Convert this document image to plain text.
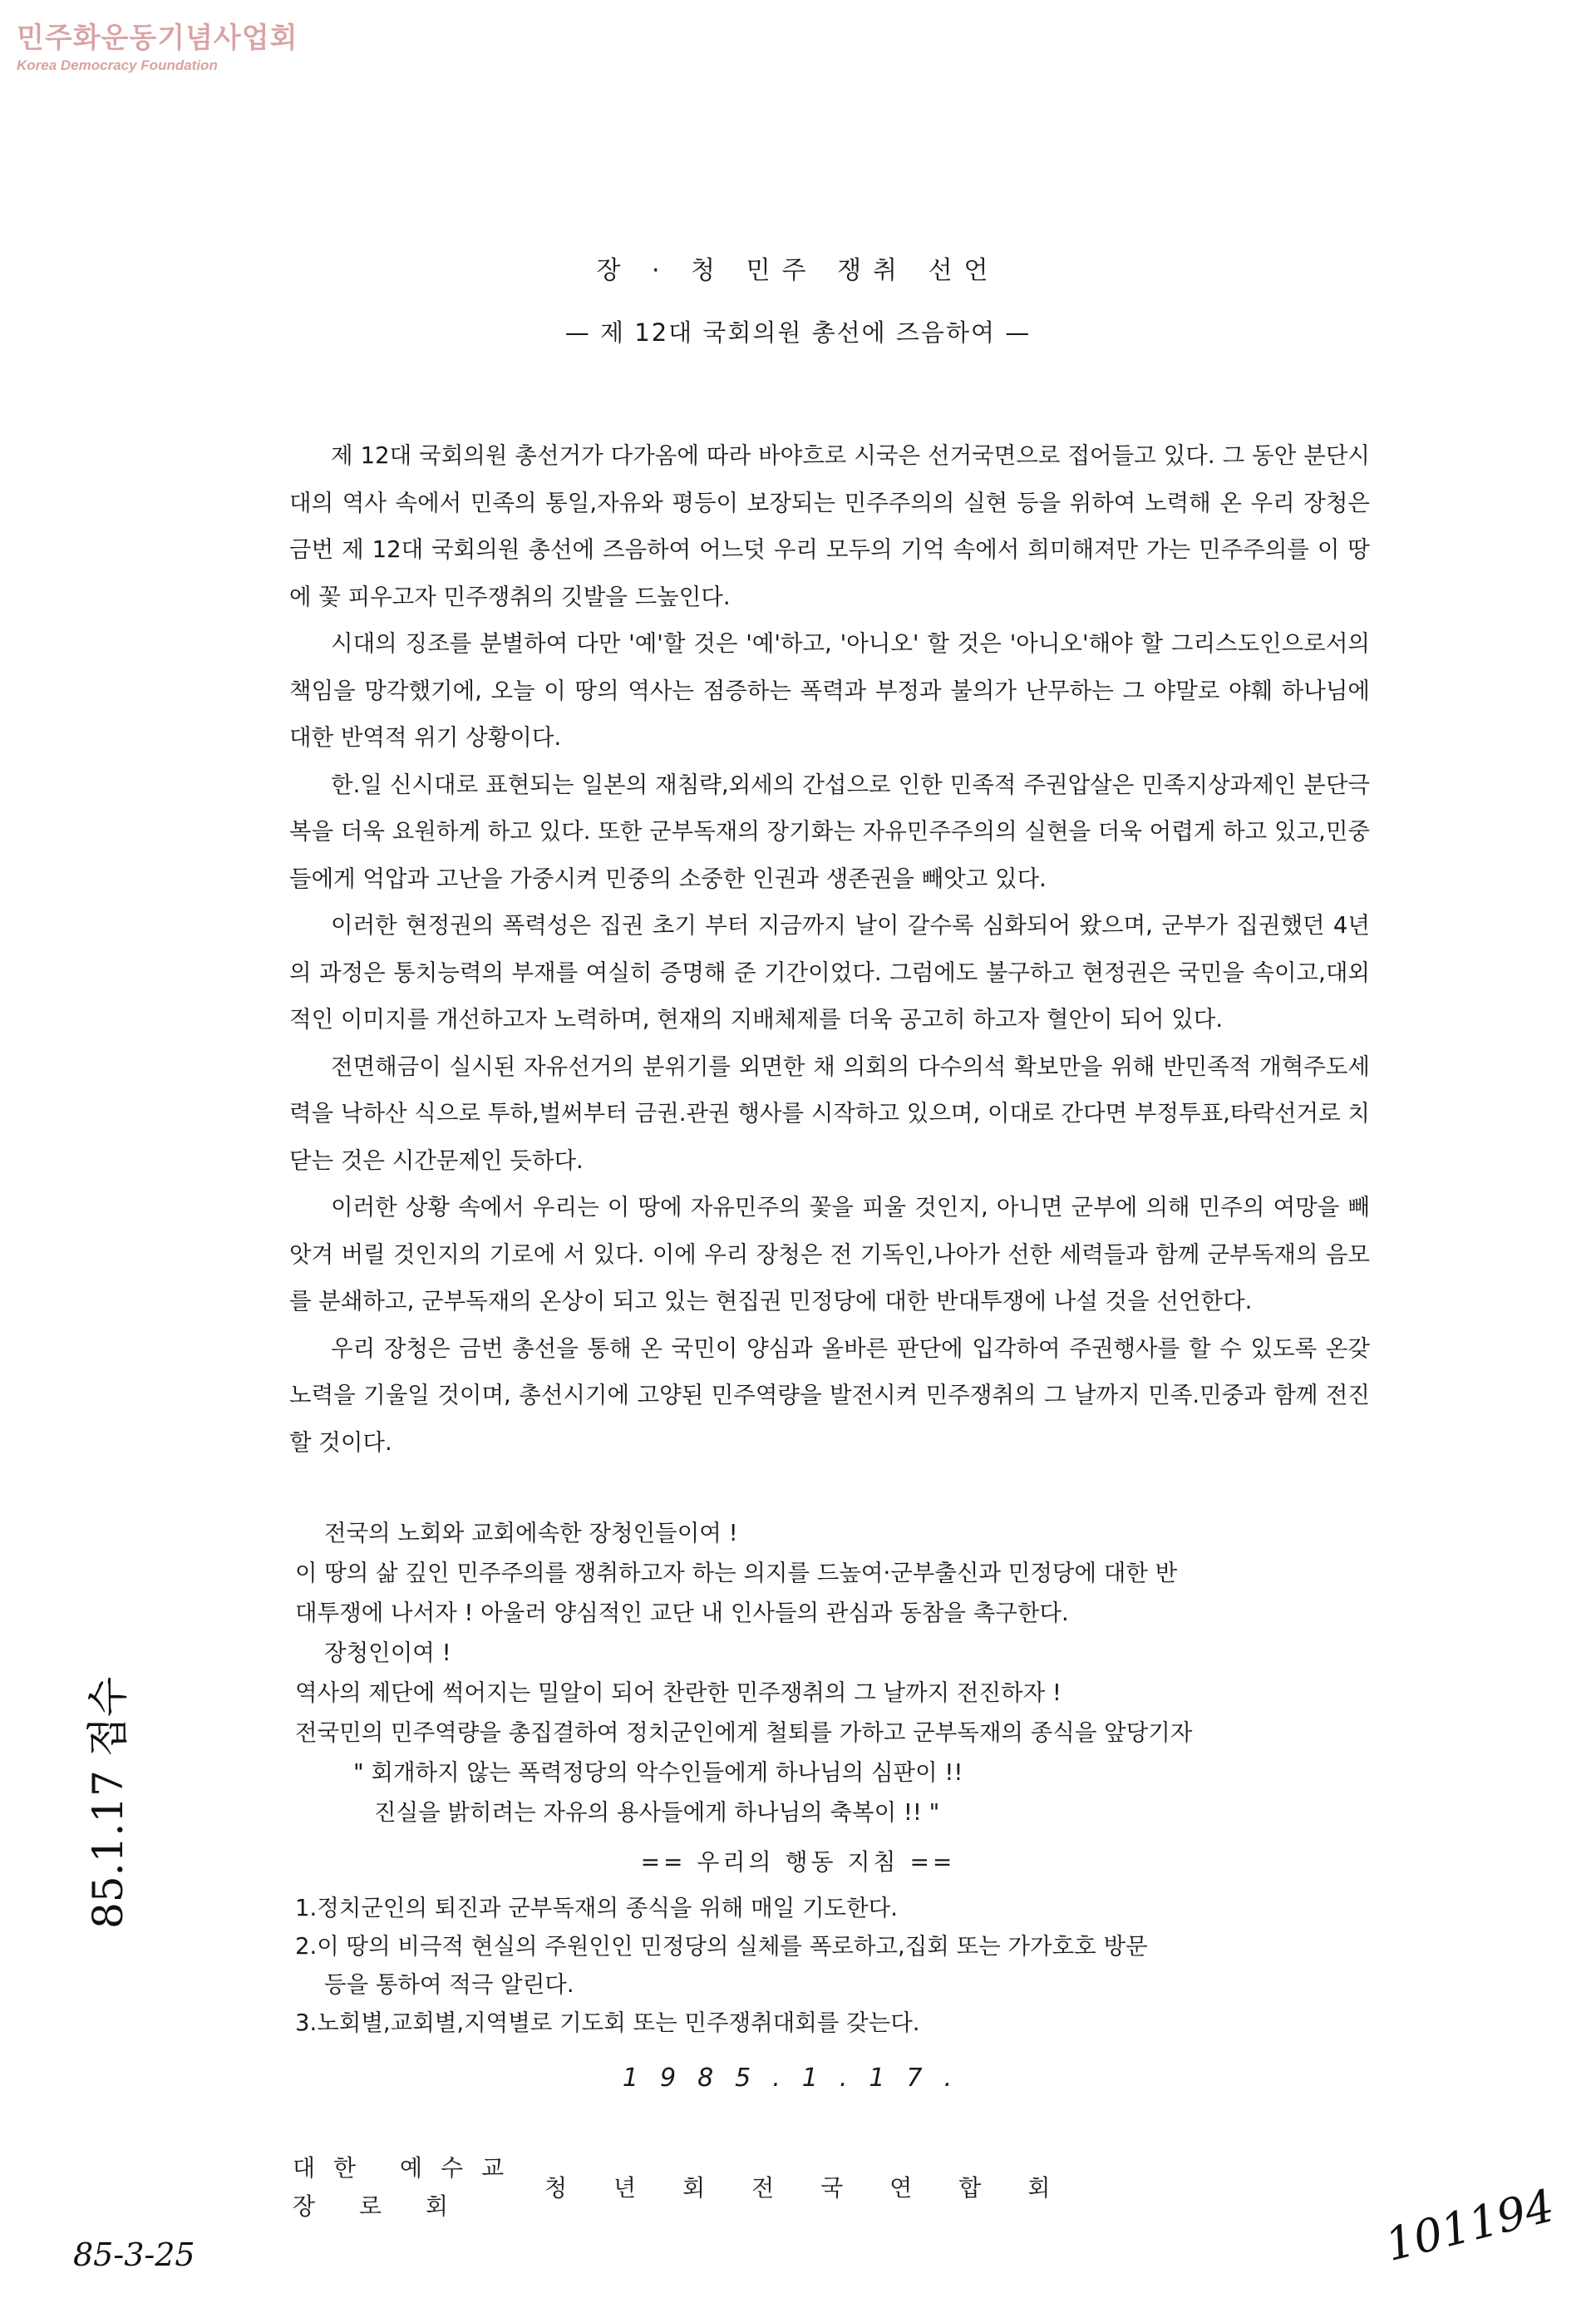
민주화운동기념사업회
Korea Democracy Foundation
장 · 청 민주 쟁취 선언
— 제 12대 국회의원 총선에 즈음하여 —

제 12대 국회의원 총선거가 다가옴에 따라 바야흐로 시국은 선거국면으로 접어들고 있다. 그 동안 분단시대의 역사 속에서 민족의 통일,자유와 평등이 보장되는 민주주의의 실현 등을 위하여 노력해 온 우리 장청은 금번 제 12대 국회의원 총선에 즈음하여 어느덧 우리 모두의 기억 속에서 희미해져만 가는 민주주의를 이 땅에 꽃 피우고자 민주쟁취의 깃발을 드높인다.

시대의 징조를 분별하여 다만 '예'할 것은 '예'하고, '아니오' 할 것은 '아니오'해야 할 그리스도인으로서의 책임을 망각했기에, 오늘 이 땅의 역사는 점증하는 폭력과 부정과 불의가 난무하는 그 야말로 야훼 하나님에 대한 반역적 위기 상황이다.

한.일 신시대로 표현되는 일본의 재침략,외세의 간섭으로 인한 민족적 주권압살은 민족지상과제인 분단극복을 더욱 요원하게 하고 있다. 또한 군부독재의 장기화는 자유민주주의의 실현을 더욱 어렵게 하고 있고,민중들에게 억압과 고난을 가중시켜 민중의 소중한 인권과 생존권을 빼앗고 있다.

이러한 현정권의 폭력성은 집권 초기 부터 지금까지 날이 갈수록 심화되어 왔으며, 군부가 집권했던 4년의 과정은 통치능력의 부재를 여실히 증명해 준 기간이었다. 그럼에도 불구하고 현정권은 국민을 속이고,대외적인 이미지를 개선하고자 노력하며, 현재의 지배체제를 더욱 공고히 하고자 혈안이 되어 있다.

전면해금이 실시된 자유선거의 분위기를 외면한 채 의회의 다수의석 확보만을 위해 반민족적 개혁주도세력을 낙하산 식으로 투하,벌써부터 금권.관권 행사를 시작하고 있으며, 이대로 간다면 부정투표,타락선거로 치닫는 것은 시간문제인 듯하다.

이러한 상황 속에서 우리는 이 땅에 자유민주의 꽃을 피울 것인지, 아니면 군부에 의해 민주의 여망을 빼앗겨 버릴 것인지의 기로에 서 있다. 이에 우리 장청은 전 기독인,나아가 선한 세력들과 함께 군부독재의 음모를 분쇄하고, 군부독재의 온상이 되고 있는 현집권 민정당에 대한 반대투쟁에 나설 것을 선언한다.

우리 장청은 금번 총선을 통해 온 국민이 양심과 올바른 판단에 입각하여 주권행사를 할 수 있도록 온갖 노력을 기울일 것이며, 총선시기에 고양된 민주역량을 발전시켜 민주쟁취의 그 날까지 민족.민중과 함께 전진할 것이다.

전국의 노회와 교회에속한 장청인들이여 !
이 땅의 삶 깊인 민주주의를 쟁취하고자 하는 의지를 드높여·군부출신과 민정당에 대한 반
대투쟁에 나서자 ! 아울러 양심적인 교단 내 인사들의 관심과 동참을 촉구한다.
장청인이여 !
역사의 제단에 썩어지는 밀알이 되어 찬란한 민주쟁취의 그 날까지 전진하자 !
전국민의 민주역량을 총집결하여 정치군인에게 철퇴를 가하고 군부독재의 종식을 앞당기자
" 회개하지 않는 폭력정당의 악수인들에게 하나님의 심판이 !!
진실을 밝히려는 자유의 용사들에게 하나님의 축복이 !! "
== 우리의 행동 지침 ==
1.정치군인의 퇴진과 군부독재의 종식을 위해 매일 기도한다.
2.이 땅의 비극적 현실의 주원인인 민정당의 실체를 폭로하고,집회 또는 가가호호 방문
등을 통하여 적극 알린다.
3.노회별,교회별,지역별로 기도회 또는 민주쟁취대회를 갖는다.
1985.1.17.
대한 예수교
장 로 회
청년회전국연합회
85.1.17 접수
85-3-25	101194
